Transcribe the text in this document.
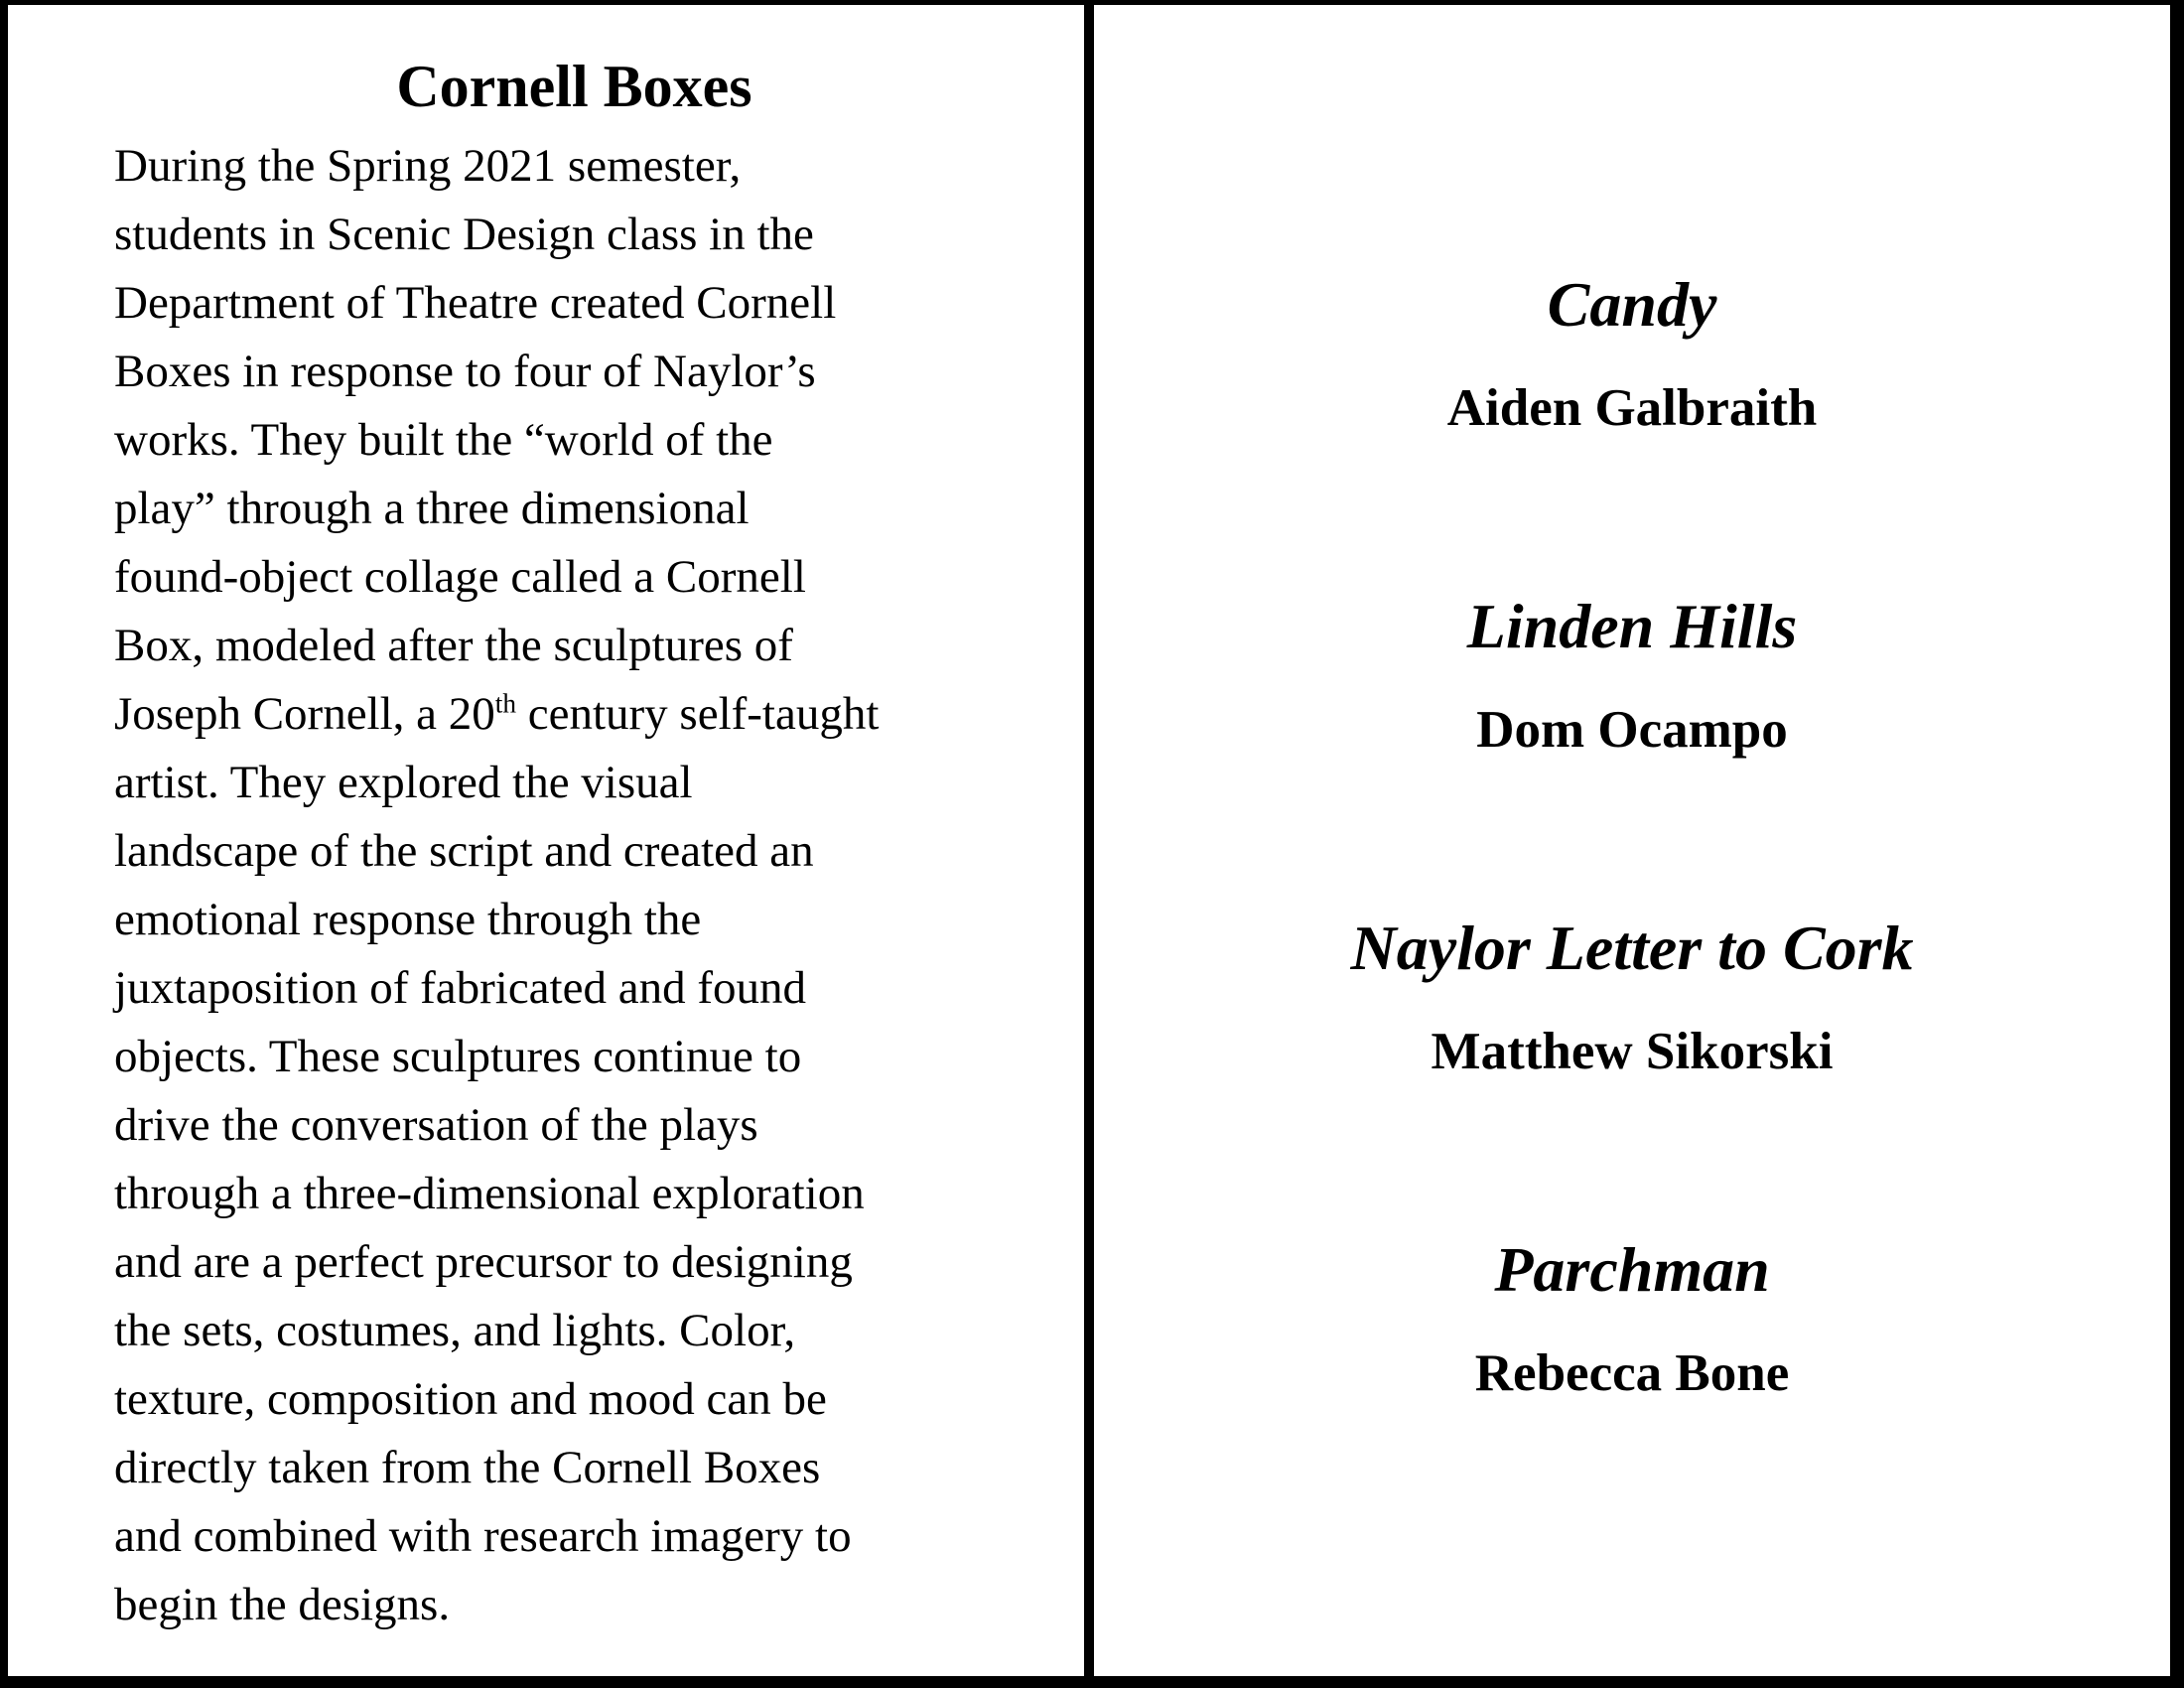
Cornell Boxes
During the Spring 2021 semester,
students in Scenic Design class in the
Department of Theatre created Cornell
Boxes in response to four of Naylor’s
works. They built the “world of the
play” through a three dimensional
found-object collage called a Cornell
Box, modeled after the sculptures of
Joseph Cornell, a 20th century self-taught
artist. They explored the visual
landscape of the script and created an
emotional response through the
juxtaposition of fabricated and found
objects. These sculptures continue to
drive the conversation of the plays
through a three-dimensional exploration
and are a perfect precursor to designing
the sets, costumes, and lights. Color,
texture, composition and mood can be
directly taken from the Cornell Boxes
and combined with research imagery to
begin the designs.
Candy
Aiden Galbraith
Linden Hills
Dom Ocampo
Naylor Letter to Cork
Matthew Sikorski
Parchman
Rebecca Bone
